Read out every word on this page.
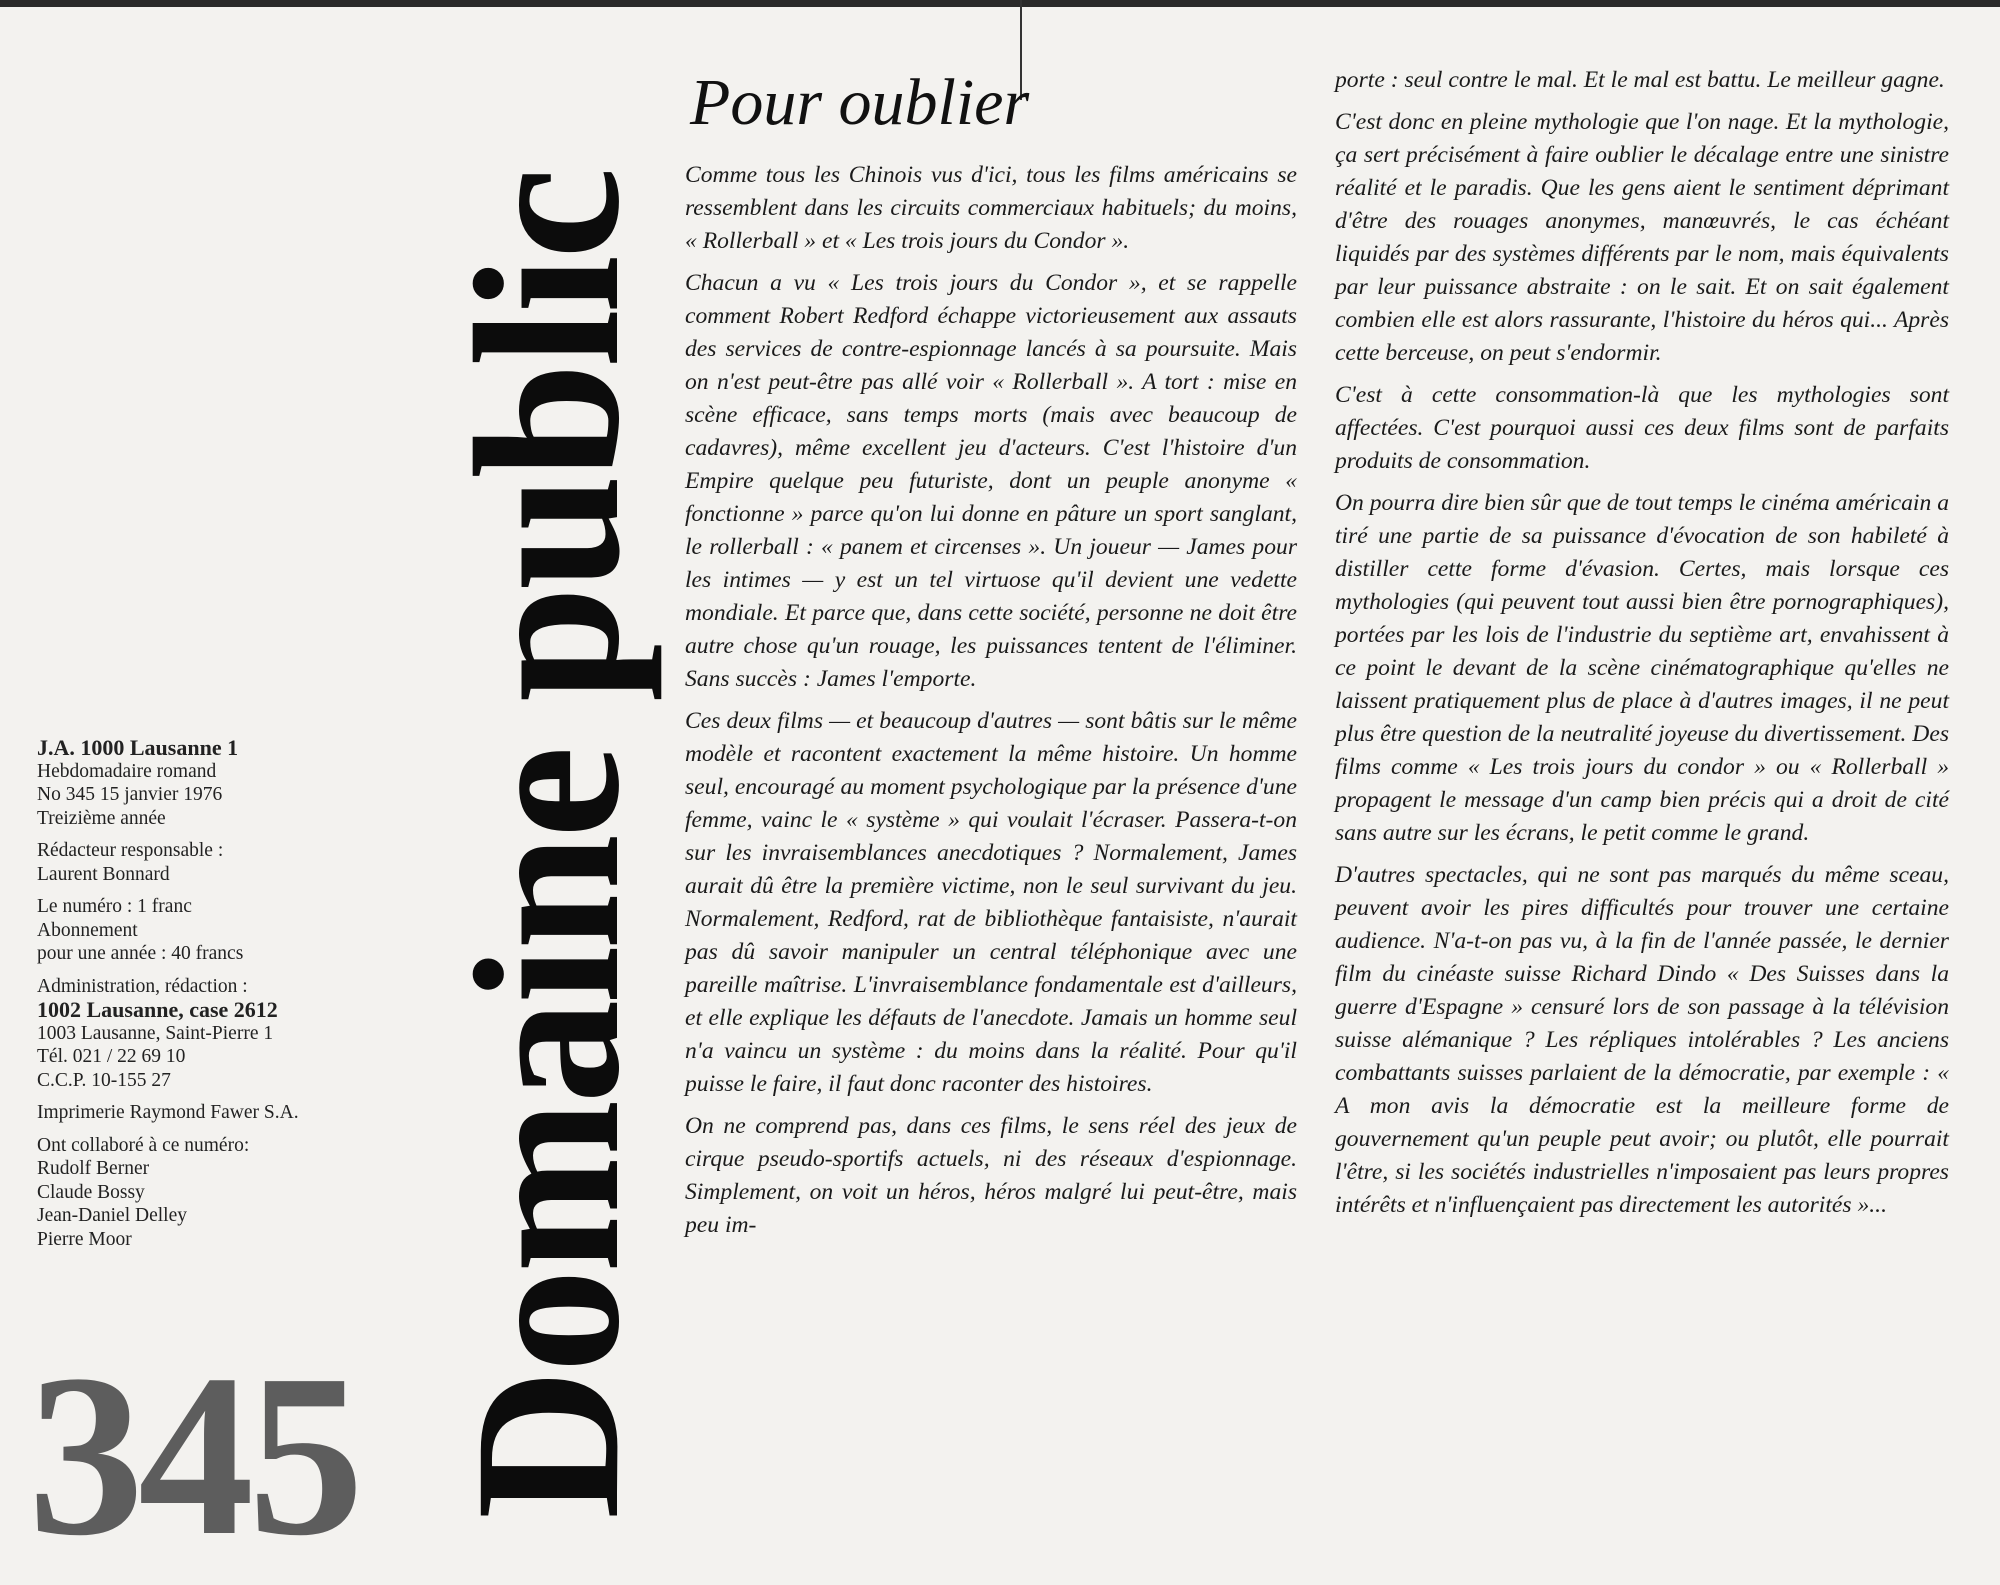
Domaine public
J.A. 1000 Lausanne 1
Hebdomadaire romand
No 345 15 janvier 1976
Treizième année
Rédacteur responsable :
Laurent Bonnard
Le numéro : 1 franc
Abonnement
pour une année : 40 francs
Administration, rédaction :
1002 Lausanne, case 2612
1003 Lausanne, Saint-Pierre 1
Tél. 021 / 22 69 10
C.C.P. 10-155 27
Imprimerie Raymond Fawer S.A.
Ont collaboré à ce numéro:
Rudolf Berner
Claude Bossy
Jean-Daniel Delley
Pierre Moor
345
Pour oublier

Comme tous les Chinois vus d'ici, tous les films américains se ressemblent dans les circuits commerciaux habituels; du moins, « Rollerball » et « Les trois jours du Condor ».

Chacun a vu « Les trois jours du Condor », et se rappelle comment Robert Redford échappe victorieusement aux assauts des services de contre-espionnage lancés à sa poursuite. Mais on n'est peut-être pas allé voir « Rollerball ». A tort : mise en scène efficace, sans temps morts (mais avec beaucoup de cadavres), même excellent jeu d'acteurs. C'est l'histoire d'un Empire quelque peu futuriste, dont un peuple anonyme « fonctionne » parce qu'on lui donne en pâture un sport sanglant, le rollerball : « panem et circenses ». Un joueur — James pour les intimes — y est un tel virtuose qu'il devient une vedette mondiale. Et parce que, dans cette société, personne ne doit être autre chose qu'un rouage, les puissances tentent de l'éliminer. Sans succès : James l'emporte.

Ces deux films — et beaucoup d'autres — sont bâtis sur le même modèle et racontent exactement la même histoire. Un homme seul, encouragé au moment psychologique par la présence d'une femme, vainc le « système » qui voulait l'écraser. Passera-t-on sur les invraisemblances anecdotiques ? Normalement, James aurait dû être la première victime, non le seul survivant du jeu. Normalement, Redford, rat de bibliothèque fantaisiste, n'aurait pas dû savoir manipuler un central téléphonique avec une pareille maîtrise. L'invraisemblance fondamentale est d'ailleurs, et elle explique les défauts de l'anecdote. Jamais un homme seul n'a vaincu un système : du moins dans la réalité. Pour qu'il puisse le faire, il faut donc raconter des histoires.

On ne comprend pas, dans ces films, le sens réel des jeux de cirque pseudo-sportifs actuels, ni des réseaux d'espionnage. Simplement, on voit un héros, héros malgré lui peut-être, mais peu im-

porte : seul contre le mal. Et le mal est battu. Le meilleur gagne.

C'est donc en pleine mythologie que l'on nage. Et la mythologie, ça sert précisément à faire oublier le décalage entre une sinistre réalité et le paradis. Que les gens aient le sentiment déprimant d'être des rouages anonymes, manœuvrés, le cas échéant liquidés par des systèmes différents par le nom, mais équivalents par leur puissance abstraite : on le sait. Et on sait également combien elle est alors rassurante, l'histoire du héros qui... Après cette berceuse, on peut s'endormir.

C'est à cette consommation-là que les mythologies sont affectées. C'est pourquoi aussi ces deux films sont de parfaits produits de consommation.

On pourra dire bien sûr que de tout temps le cinéma américain a tiré une partie de sa puissance d'évocation de son habileté à distiller cette forme d'évasion. Certes, mais lorsque ces mythologies (qui peuvent tout aussi bien être pornographiques), portées par les lois de l'industrie du septième art, envahissent à ce point le devant de la scène cinématographique qu'elles ne laissent pratiquement plus de place à d'autres images, il ne peut plus être question de la neutralité joyeuse du divertissement. Des films comme « Les trois jours du condor » ou « Rollerball » propagent le message d'un camp bien précis qui a droit de cité sans autre sur les écrans, le petit comme le grand.

D'autres spectacles, qui ne sont pas marqués du même sceau, peuvent avoir les pires difficultés pour trouver une certaine audience. N'a-t-on pas vu, à la fin de l'année passée, le dernier film du cinéaste suisse Richard Dindo « Des Suisses dans la guerre d'Espagne » censuré lors de son passage à la télévision suisse alémanique ? Les répliques intolérables ? Les anciens combattants suisses parlaient de la démocratie, par exemple : « A mon avis la démocratie est la meilleure forme de gouvernement qu'un peuple peut avoir; ou plutôt, elle pourrait l'être, si les sociétés industrielles n'imposaient pas leurs propres intérêts et n'influençaient pas directement les autorités »...
